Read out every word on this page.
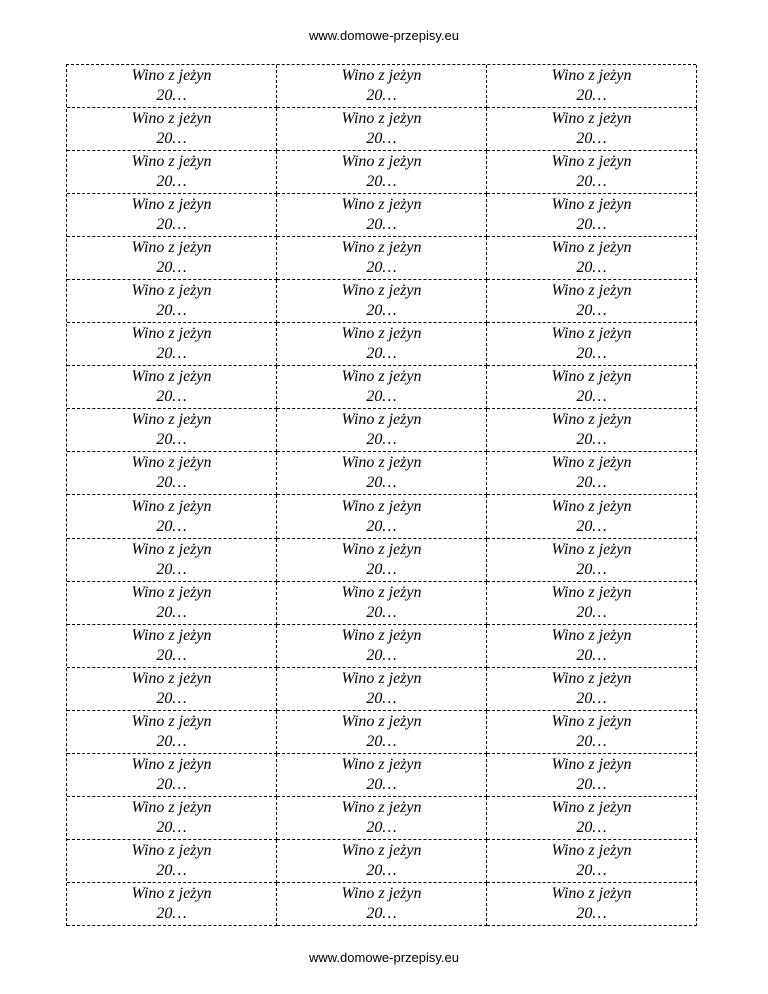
www.domowe-przepisy.eu
Wino z jeżyn
20…
Wino z jeżyn
20…
Wino z jeżyn
20…
Wino z jeżyn
20…
Wino z jeżyn
20…
Wino z jeżyn
20…
Wino z jeżyn
20…
Wino z jeżyn
20…
Wino z jeżyn
20…
Wino z jeżyn
20…
Wino z jeżyn
20…
Wino z jeżyn
20…
Wino z jeżyn
20…
Wino z jeżyn
20…
Wino z jeżyn
20…
Wino z jeżyn
20…
Wino z jeżyn
20…
Wino z jeżyn
20…
Wino z jeżyn
20…
Wino z jeżyn
20…
Wino z jeżyn
20…
Wino z jeżyn
20…
Wino z jeżyn
20…
Wino z jeżyn
20…
Wino z jeżyn
20…
Wino z jeżyn
20…
Wino z jeżyn
20…
Wino z jeżyn
20…
Wino z jeżyn
20…
Wino z jeżyn
20…
Wino z jeżyn
20…
Wino z jeżyn
20…
Wino z jeżyn
20…
Wino z jeżyn
20…
Wino z jeżyn
20…
Wino z jeżyn
20…
Wino z jeżyn
20…
Wino z jeżyn
20…
Wino z jeżyn
20…
Wino z jeżyn
20…
Wino z jeżyn
20…
Wino z jeżyn
20…
Wino z jeżyn
20…
Wino z jeżyn
20…
Wino z jeżyn
20…
Wino z jeżyn
20…
Wino z jeżyn
20…
Wino z jeżyn
20…
Wino z jeżyn
20…
Wino z jeżyn
20…
Wino z jeżyn
20…
Wino z jeżyn
20…
Wino z jeżyn
20…
Wino z jeżyn
20…
Wino z jeżyn
20…
Wino z jeżyn
20…
Wino z jeżyn
20…
Wino z jeżyn
20…
Wino z jeżyn
20…
Wino z jeżyn
20…
www.domowe-przepisy.eu
